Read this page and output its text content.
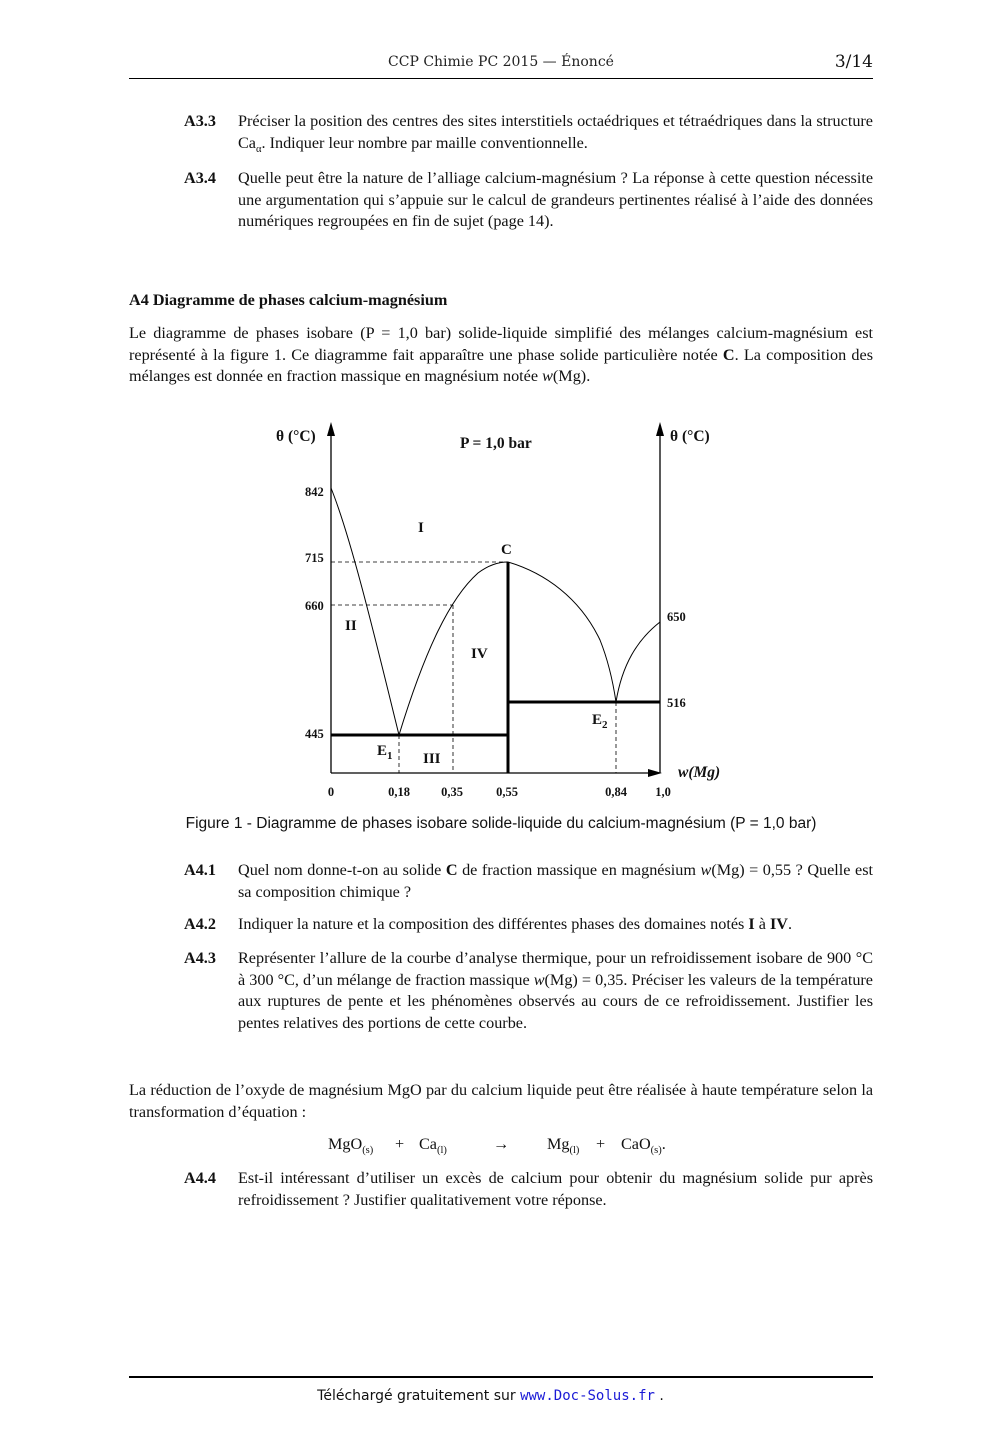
CCP Chimie PC 2015 — Énoncé	3/14
A3.3	Préciser la position des centres des sites interstitiels octaédriques et tétraédriques dans la structure $Ca_\alpha$. Indiquer leur nombre par maille conventionnelle.
A3.4	Quelle peut être la nature de l’alliage calcium-magnésium ? La réponse à cette question nécessite une argumentation qui s’appuie sur le calcul de grandeurs pertinentes réalisé à l’aide des données numériques regroupées en fin de sujet (page 14).
A4 Diagramme de phases calcium-magnésium
Le diagramme de phases isobare (P = 1,0 bar) solide-liquide simplifié des mélanges calcium-magnésium est représenté à la figure 1. Ce diagramme fait apparaître une phase solide particulière notée C. La composition des mélanges est donnée en fraction massique en magnésium notée w(Mg).
θ (°C)	θ (°C)
P = 1,0 bar
w(Mg)
842
715
660
445
650
516
0	0,18 0,35	0,55	0,84 1,0
I
II
III
IV
C
$E_1$
$E_2$
Figure 1 - Diagramme de phases isobare solide-liquide du calcium-magnésium (P = 1,0 bar)
A4.1	Quel nom donne-t-on au solide C de fraction massique en magnésium w(Mg) = 0,55 ? Quelle est sa composition chimique ?
A4.2	Indiquer la nature et la composition des différentes phases des domaines notés I à IV.
A4.3	Représenter l’allure de la courbe d’analyse thermique, pour un refroidissement isobare de 900 °C à 300 °C, d’un mélange de fraction massique w(Mg) = 0,35. Préciser les valeurs de la température aux ruptures de pente et les phénomènes observés au cours de ce refroidissement. Justifier les pentes relatives des portions de cette courbe.
La réduction de l’oxyde de magnésium MgO par du calcium liquide peut être réalisée à haute température selon la transformation d’équation :
$MgO_{(s)} + Ca_{(l)}$	→ $Mg_{(l)} + CaO_{(s)}$.
A4.4	Est-il intéressant d’utiliser un excès de calcium pour obtenir du magnésium solide pur après refroidissement ? Justifier qualitativement votre réponse.
Téléchargé gratuitement sur www.Doc-Solus.fr .
